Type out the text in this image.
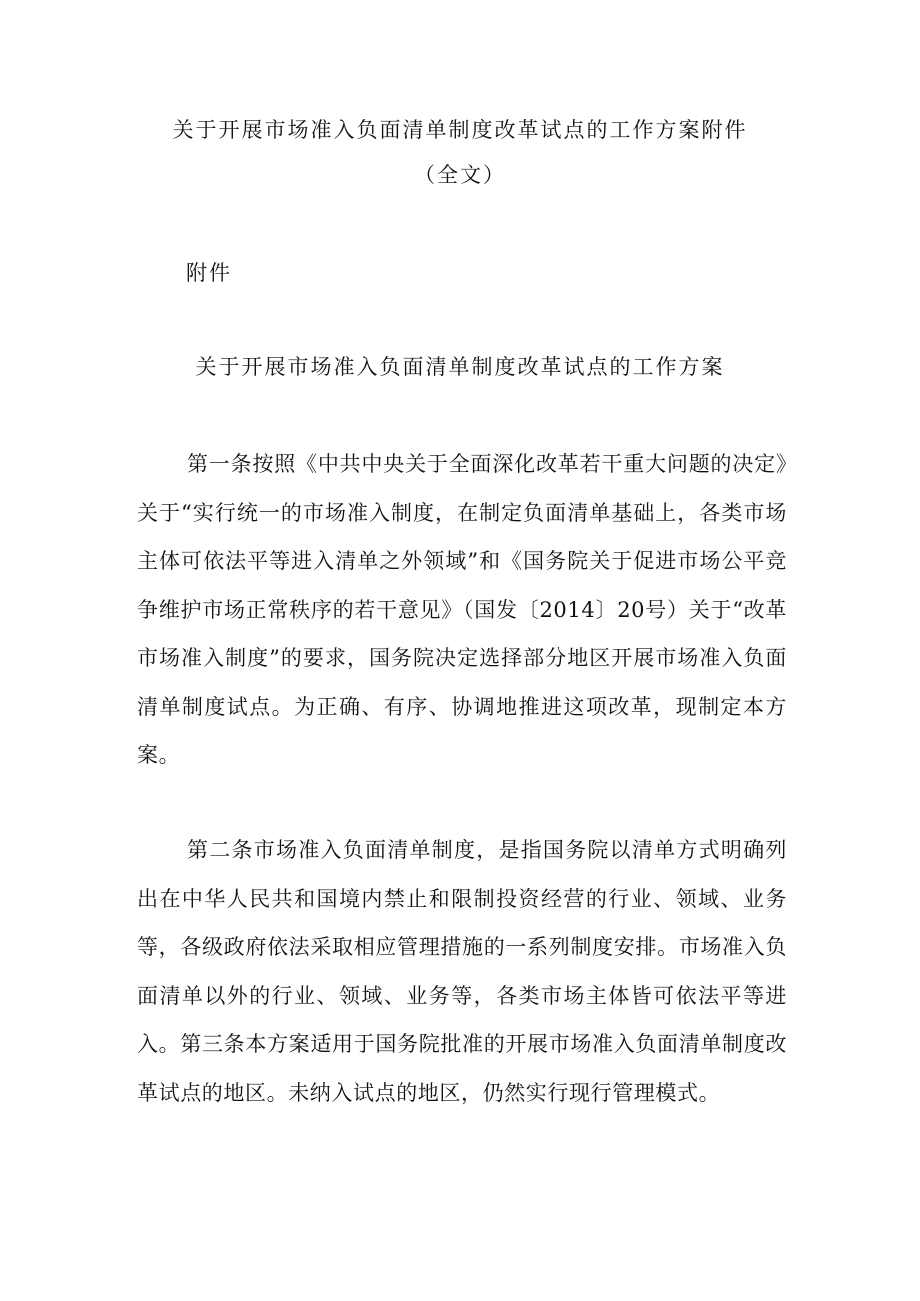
关于开展市场准入负面清单制度改革试点的工作方案附件
（全文）
附件
关于开展市场准入负面清单制度改革试点的工作方案

第一条按照《中共中央关于全面深化改革若干重大问题的决定》关于“实行统一的市场准入制度，在制定负面清单基础上，各类市场主体可依法平等进入清单之外领域”和《国务院关于促进市场公平竞争维护市场正常秩序的若干意见》（国发〔2014〕20号）关于“改革市场准入制度”的要求，国务院决定选择部分地区开展市场准入负面清单制度试点。为正确、有序、协调地推进这项改革，现制定本方案。

第二条市场准入负面清单制度，是指国务院以清单方式明确列出在中华人民共和国境内禁止和限制投资经营的行业、领域、业务等，各级政府依法采取相应管理措施的一系列制度安排。市场准入负面清单以外的行业、领域、业务等，各类市场主体皆可依法平等进入。第三条本方案适用于国务院批准的开展市场准入负面清单制度改革试点的地区。未纳入试点的地区，仍然实行现行管理模式。
